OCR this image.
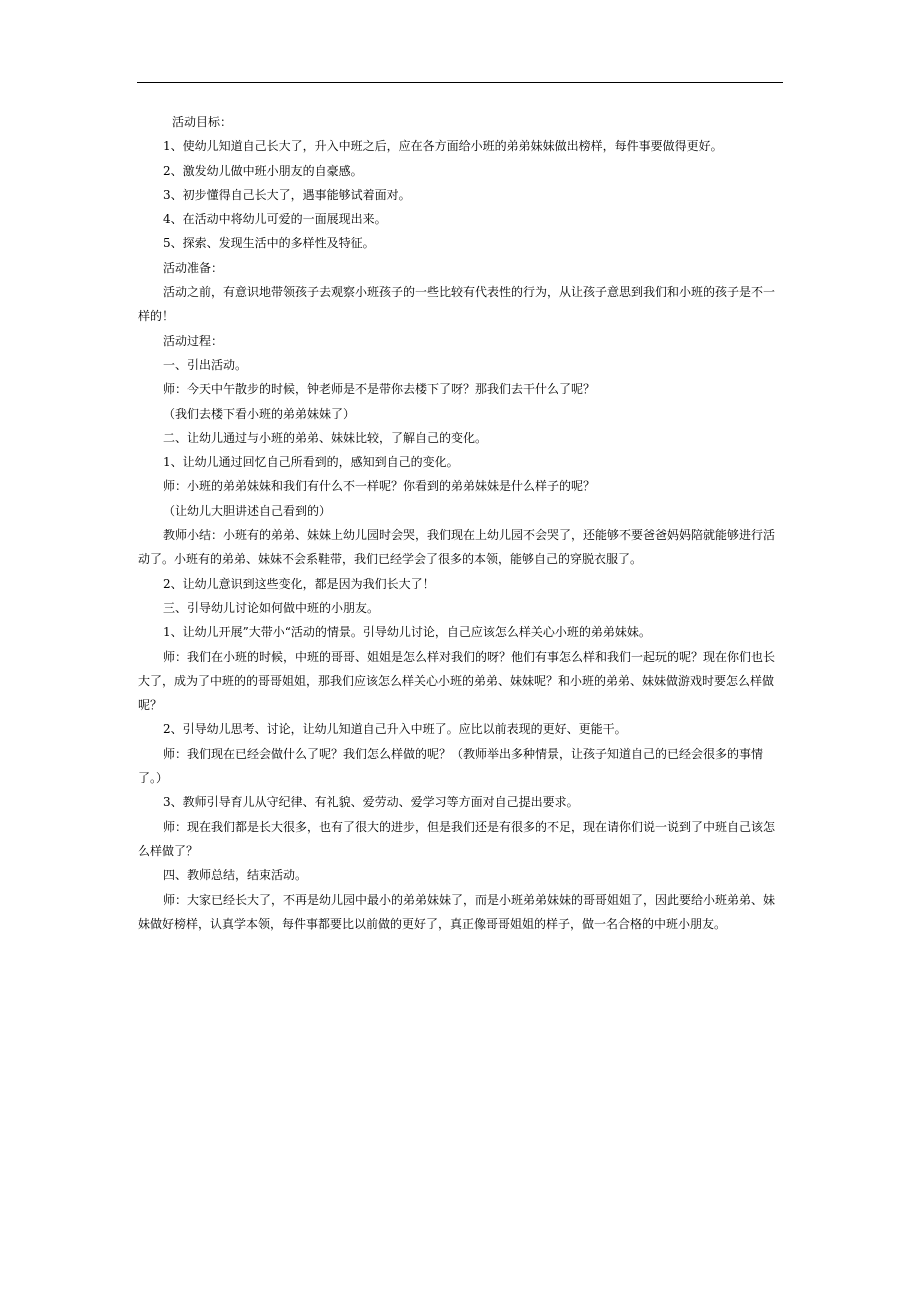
活动目标：

1、使幼儿知道自己长大了，升入中班之后，应在各方面给小班的弟弟妹妹做出榜样，每件事要做得更好。

2、激发幼儿做中班小朋友的自豪感。

3、初步懂得自己长大了，遇事能够试着面对。

4、在活动中将幼儿可爱的一面展现出来。

5、探索、发现生活中的多样性及特征。

活动准备：

活动之前，有意识地带领孩子去观察小班孩子的一些比较有代表性的行为，从让孩子意思到我们和小班的孩子是不一样的！

活动过程：

一、引出活动。

师：今天中午散步的时候，钟老师是不是带你去楼下了呀？那我们去干什么了呢？

（我们去楼下看小班的弟弟妹妹了）

二、让幼儿通过与小班的弟弟、妹妹比较，了解自己的变化。

1、让幼儿通过回忆自己所看到的，感知到自己的变化。

师：小班的弟弟妹妹和我们有什么不一样呢？你看到的弟弟妹妹是什么样子的呢？

（让幼儿大胆讲述自己看到的）

教师小结：小班有的弟弟、妹妹上幼儿园时会哭，我们现在上幼儿园不会哭了，还能够不要爸爸妈妈陪就能够进行活动了。小班有的弟弟、妹妹不会系鞋带，我们已经学会了很多的本领，能够自己的穿脱衣服了。

2、让幼儿意识到这些变化，都是因为我们长大了！

三、引导幼儿讨论如何做中班的小朋友。

1、让幼儿开展”大带小“活动的情景。引导幼儿讨论，自己应该怎么样关心小班的弟弟妹妹。

师：我们在小班的时候，中班的哥哥、姐姐是怎么样对我们的呀？他们有事怎么样和我们一起玩的呢？现在你们也长大了，成为了中班的的哥哥姐姐，那我们应该怎么样关心小班的弟弟、妹妹呢？和小班的弟弟、妹妹做游戏时要怎么样做呢？

2、引导幼儿思考、讨论，让幼儿知道自己升入中班了。应比以前表现的更好、更能干。

师：我们现在已经会做什么了呢？我们怎么样做的呢？（教师举出多种情景，让孩子知道自己的已经会很多的事情了。）

3、教师引导育儿从守纪律、有礼貌、爱劳动、爱学习等方面对自己提出要求。

师：现在我们都是长大很多，也有了很大的进步，但是我们还是有很多的不足，现在请你们说一说到了中班自己该怎么样做了？

四、教师总结，结束活动。

师：大家已经长大了，不再是幼儿园中最小的弟弟妹妹了，而是小班弟弟妹妹的哥哥姐姐了，因此要给小班弟弟、妹妹做好榜样，认真学本领，每件事都要比以前做的更好了，真正像哥哥姐姐的样子，做一名合格的中班小朋友。
